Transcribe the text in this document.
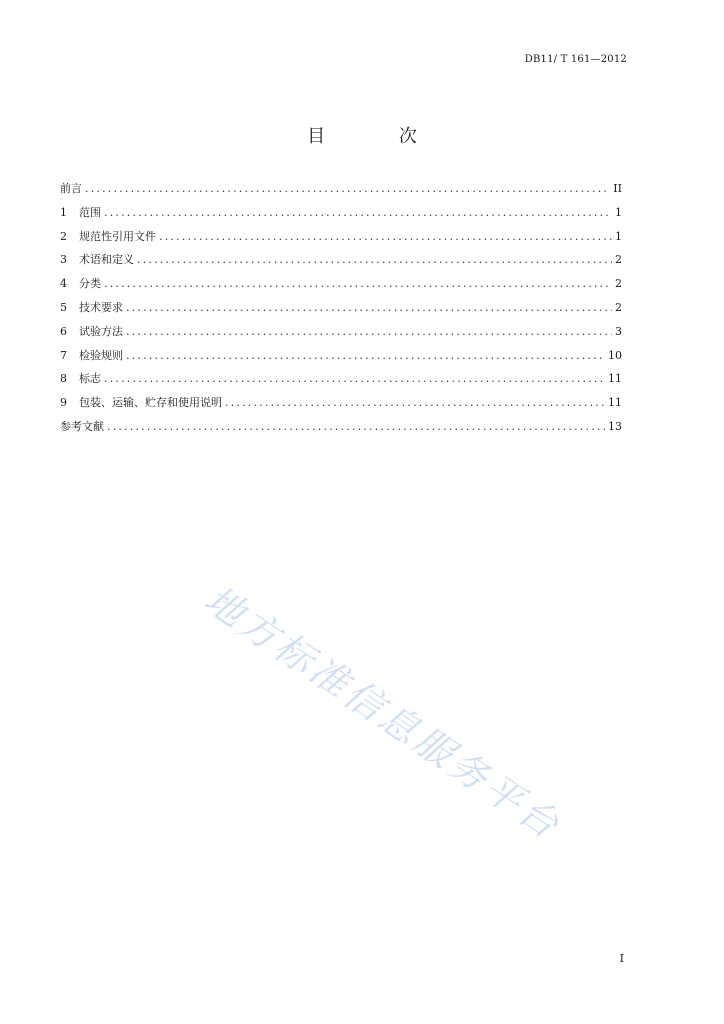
DB11/ T 161—2012
目 次
前言 .....	II
1	范围 .....	1
2	规范性引用文件 .....	1
3	术语和定义 .....	2
4	分类 .....	2
5	技术要求 .....	2
6	试验方法 .....	3
7	检验规则 .....	10
8	标志 .....	11
9	包装、运输、贮存和使用说明 .....	11
参考文献 .....	13
地方标准信息服务平台
I
